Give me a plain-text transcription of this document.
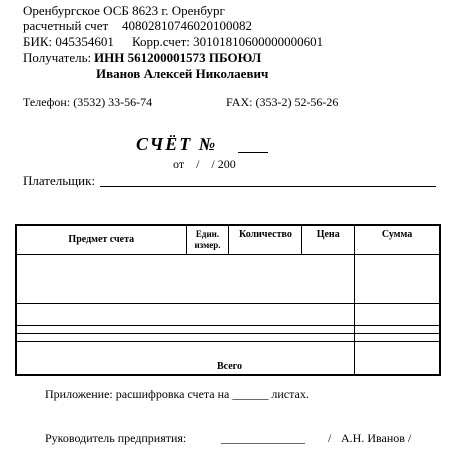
Оренбургское ОСБ 8623 г. Оренбург
расчетный счет 40802810746020100082
БИК: 045354601 Корр.счет: 30101810600000000601
Получатель: ИНН 561200001573 ПБОЮЛ
Иванов Алексей Николаевич
Телефон: (3532) 33-56-74	FAX: (353-2) 52-56-26
СЧЁТ №
от    /    / 200
Плательщик:
Предмет счета	Един. измер.	Количество	Цена	Сумма

Всего				
Приложение: расшифровка счета на ______ листах.
Руководитель предприятия:	______________ / А.Н. Иванов /
